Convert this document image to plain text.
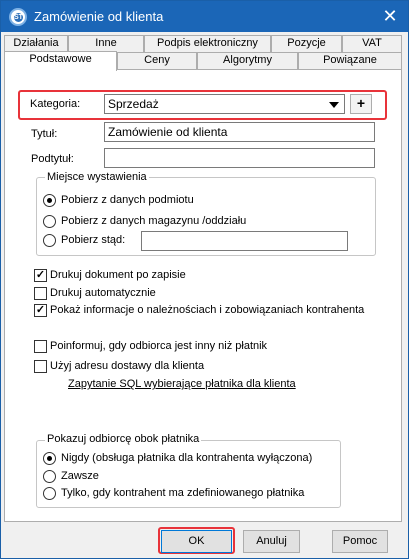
ST Zamówienie od klienta	✕
Działania	Inne	Podpis elektroniczny	Pozycje	VAT
Podstawowe	Ceny	Algorytmy	Powiązane
Kategoria: Sprzedaż	+
Tytuł:	Zamówienie od klienta
Podtytuł:
Miejsce wystawienia
Pobierz z danych podmiotu
Pobierz z danych magazynu /oddziału
Pobierz stąd:
✓ Drukuj dokument po zapisie
Drukuj automatycznie
✓ Pokaż informacje o należnościach i zobowiązaniach kontrahenta
Poinformuj, gdy odbiorca jest inny niż płatnik
Użyj adresu dostawy dla klienta
Zapytanie SQL wybierające płatnika dla klienta
Pokazuj odbiorcę obok płatnika
Nigdy (obsługa płatnika dla kontrahenta wyłączona)
Zawsze
Tylko, gdy kontrahent ma zdefiniowanego płatnika
OK	Anuluj	Pomoc
